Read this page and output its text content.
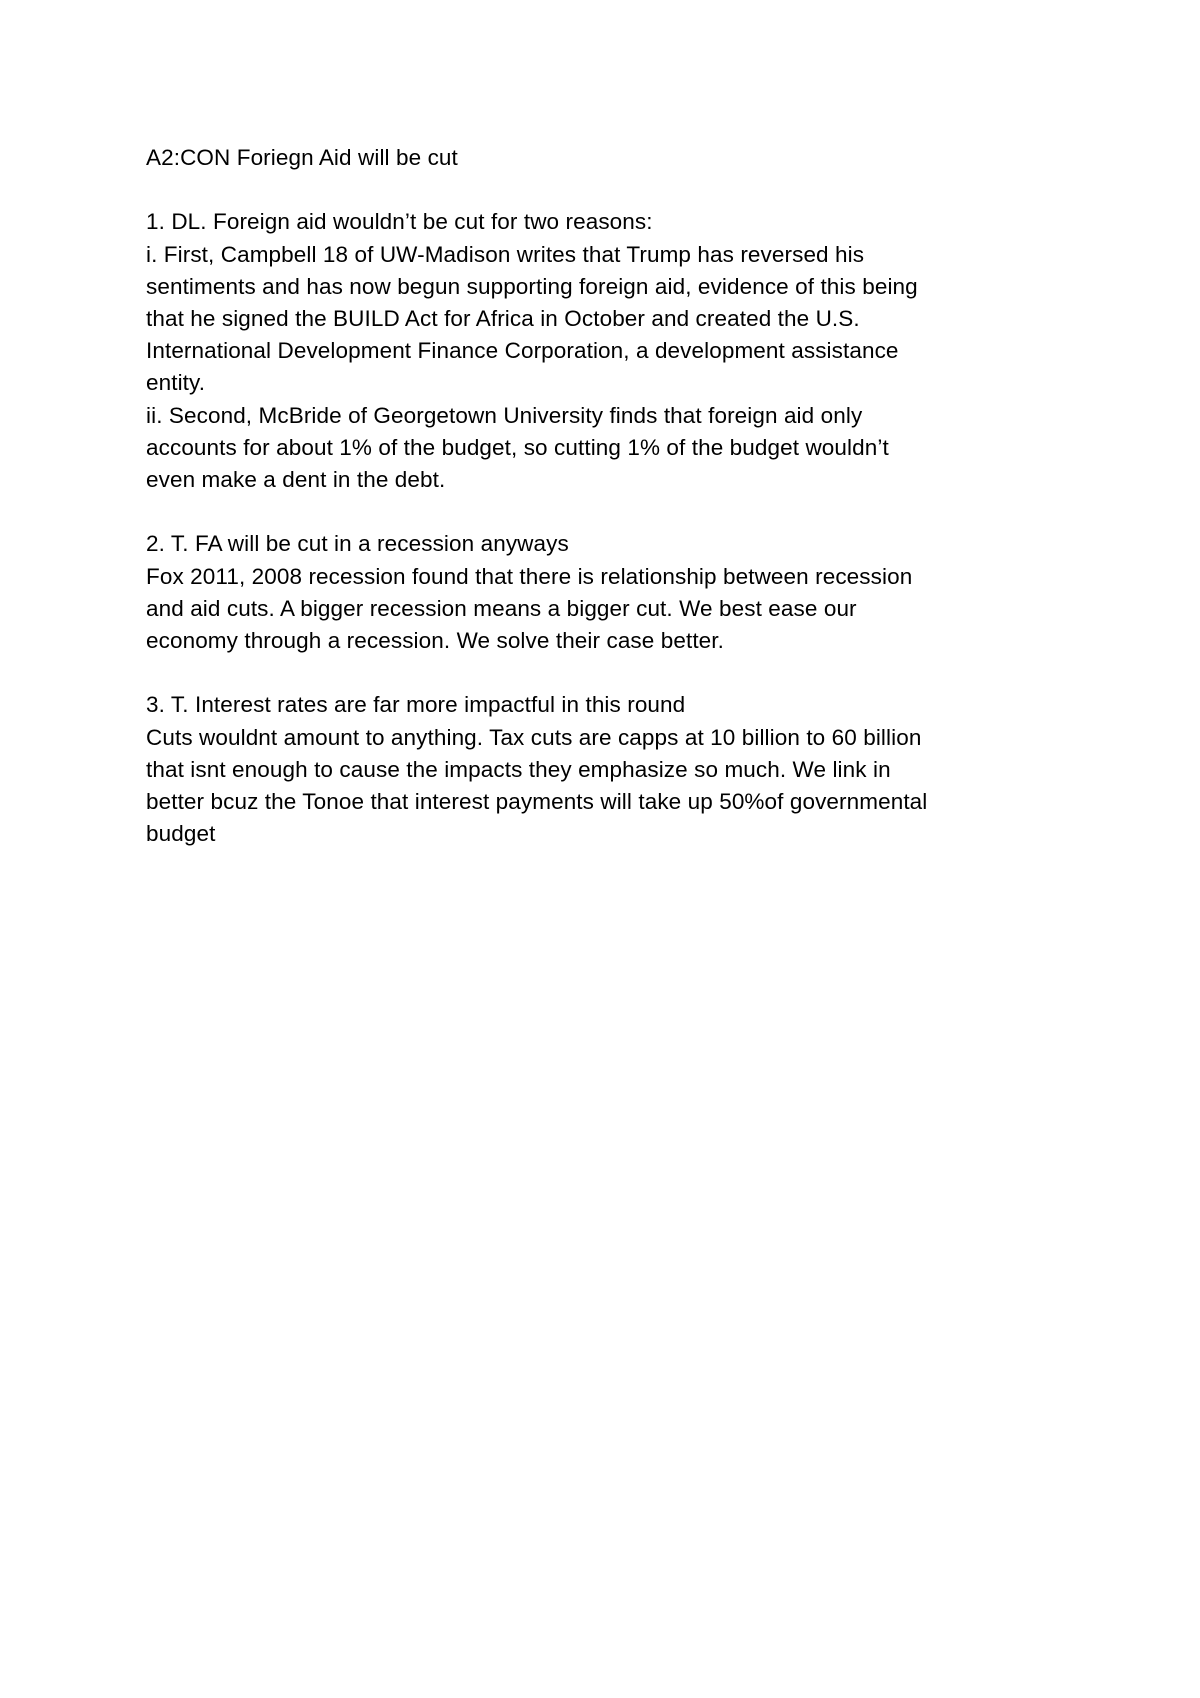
A2:CON Foriegn Aid will be cut

1. DL. Foreign aid wouldn’t be cut for two reasons:

i. First, Campbell 18 of UW-Madison writes that Trump has reversed his

sentiments and has now begun supporting foreign aid, evidence of this being

that he signed the BUILD Act for Africa in October and created the U.S.

International Development Finance Corporation, a development assistance

entity.

ii. Second, McBride of Georgetown University finds that foreign aid only

accounts for about 1% of the budget, so cutting 1% of the budget wouldn’t

even make a dent in the debt.

2. T. FA will be cut in a recession anyways

Fox 2011, 2008 recession found that there is relationship between recession

and aid cuts. A bigger recession means a bigger cut. We best ease our

economy through a recession. We solve their case better.

3. T. Interest rates are far more impactful in this round

Cuts wouldnt amount to anything. Tax cuts are capps at 10 billion to 60 billion

that isnt enough to cause the impacts they emphasize so much. We link in

better bcuz the Tonoe that interest payments will take up 50%of governmental

budget
